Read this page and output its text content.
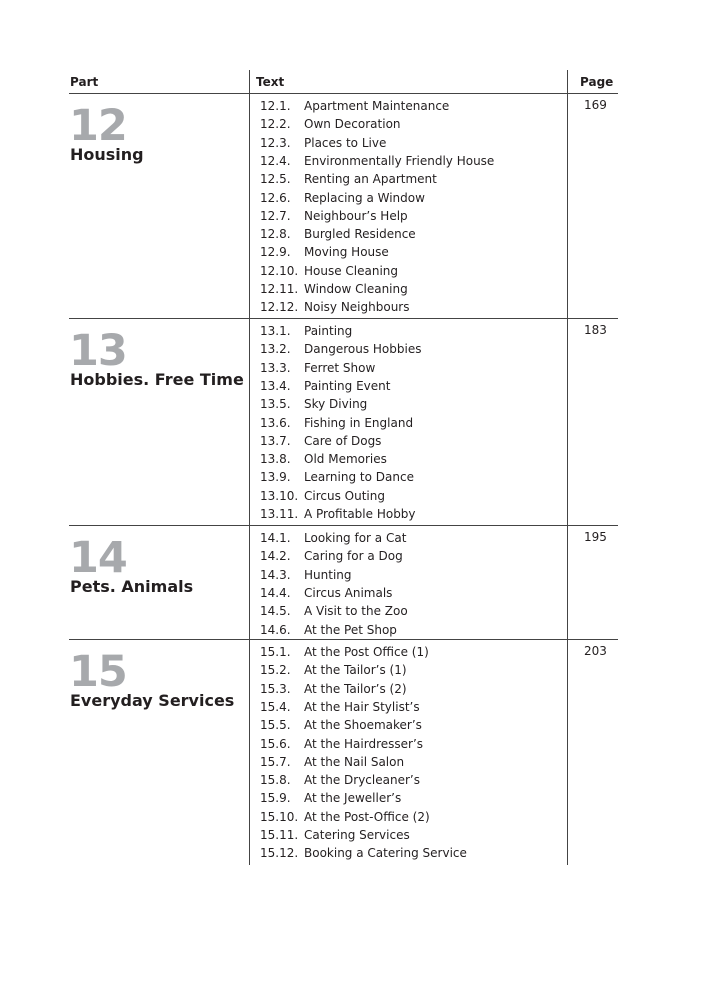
Part	Text	Page
12
Housing
169
12.1. Apartment Maintenance
12.2. Own Decoration
12.3. Places to Live
12.4. Environmentally Friendly House
12.5. Renting an Apartment
12.6. Replacing a Window
12.7. Neighbour’s Help
12.8. Burgled Residence
12.9. Moving House
12.10. House Cleaning
12.11. Window Cleaning
12.12. Noisy Neighbours
13
Hobbies. Free Time
183
13.1. Painting
13.2. Dangerous Hobbies
13.3. Ferret Show
13.4. Painting Event
13.5. Sky Diving
13.6. Fishing in England
13.7. Care of Dogs
13.8. Old Memories
13.9. Learning to Dance
13.10. Circus Outing
13.11. A Profitable Hobby
14
Pets. Animals
195
14.1. Looking for a Cat
14.2. Caring for a Dog
14.3. Hunting
14.4. Circus Animals
14.5. A Visit to the Zoo
14.6. At the Pet Shop
15
Everyday Services
203
15.1. At the Post Office (1)
15.2. At the Tailor’s (1)
15.3. At the Tailor’s (2)
15.4. At the Hair Stylist’s
15.5. At the Shoemaker’s
15.6. At the Hairdresser’s
15.7. At the Nail Salon
15.8. At the Drycleaner’s
15.9. At the Jeweller’s
15.10. At the Post-Office (2)
15.11. Catering Services
15.12. Booking a Catering Service
